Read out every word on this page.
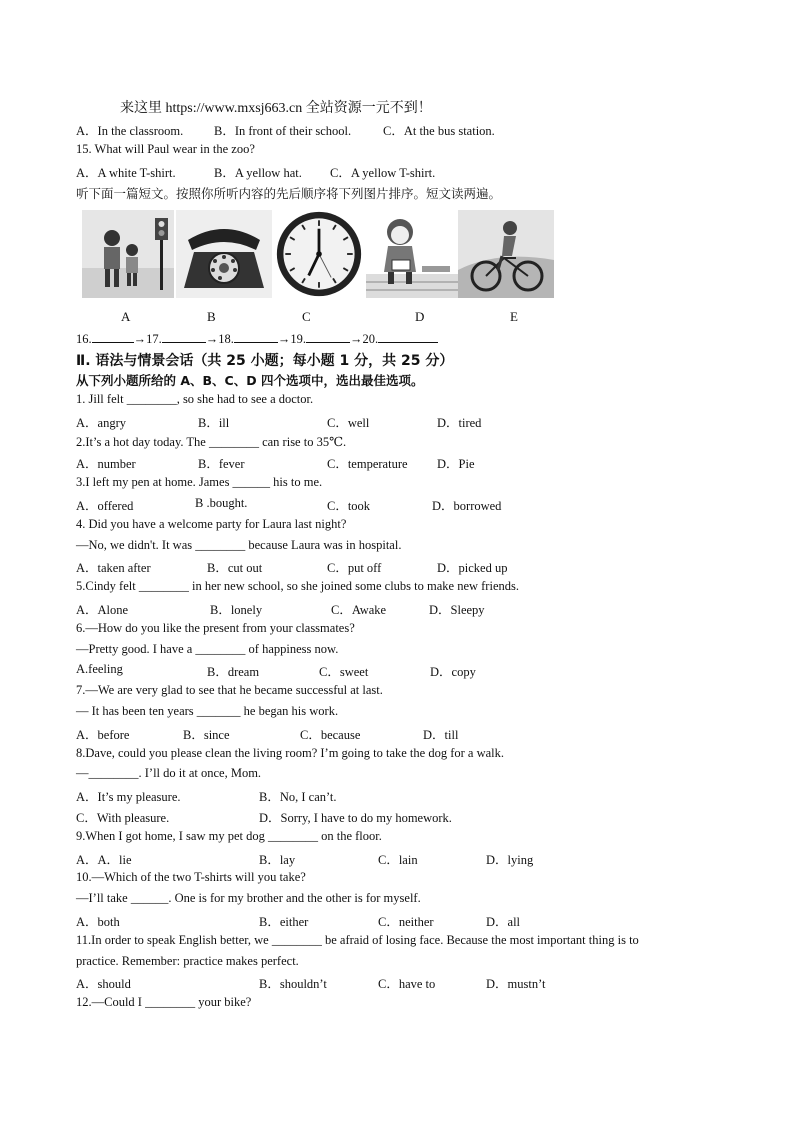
来这里 https://www.mxsj663.cn 全站资源一元不到！
A．In the classroom. B．In front of their school.	C．At the bus station.
15. What will Paul wear in the zoo?
A．A white T-shirt.	B．A yellow hat. C．A yellow T-shirt.
听下面一篇短文。按照你所听内容的先后顺序将下列图片排序。短文读两遍。
A	B	C	D	E
16.	→17.	→18.	→19.	→20.
Ⅱ. 语法与情景会话（共 25 小题；每小题 1 分，共 25 分）
从下列小题所给的 A、B、C、D 四个选项中，选出最佳选项。
1. Jill felt ________, so she had to see a doctor.
A．angry	B．ill	C．well	D．tired
2.It’s a hot day today. The ________ can rise to 35℃.
A．number	B．fever	C．temperature D．Pie
3.I left my pen at home. James ______ his to me.
A．offered	B .bought.	C．took	D．borrowed
4. Did you have a welcome party for Laura last night?
—No, we didn't. It was ________ because Laura was in hospital.
A．taken after	B．cut out	C．put off	D．picked up
5.Cindy felt ________ in her new school, so she joined some clubs to make new friends.
A．Alone	B．lonely	C．Awake	D．Sleepy
6.—How do you like the present from your classmates?
—Pretty good. I have a ________ of happiness now.
A.feeling	B．dream	C．sweet	D．copy
7.—We are very glad to see that he became successful at last.
— It has been ten years _______ he began his work.
A．before	B．since	C．because	D．till
8.Dave, could you please clean the living room? I’m going to take the dog for a walk.
—________. I’ll do it at once, Mom.
A．It’s my pleasure.	B．No, I can’t.
C．With pleasure.	D．Sorry, I have to do my homework.
9.When I got home, I saw my pet dog ________ on the floor.
A．A．lie	B．lay	C．lain	D．lying
10.—Which of the two T-shirts will you take?
—I’ll take ______. One is for my brother and the other is for myself.
A．both	B．either	C．neither	D．all
11.In order to speak English better, we ________ be afraid of losing face. Because the most important thing is to
practice. Remember: practice makes perfect.
A．should	B．shouldn’t	C．have to	D．mustn’t
12.—Could I ________ your bike?
